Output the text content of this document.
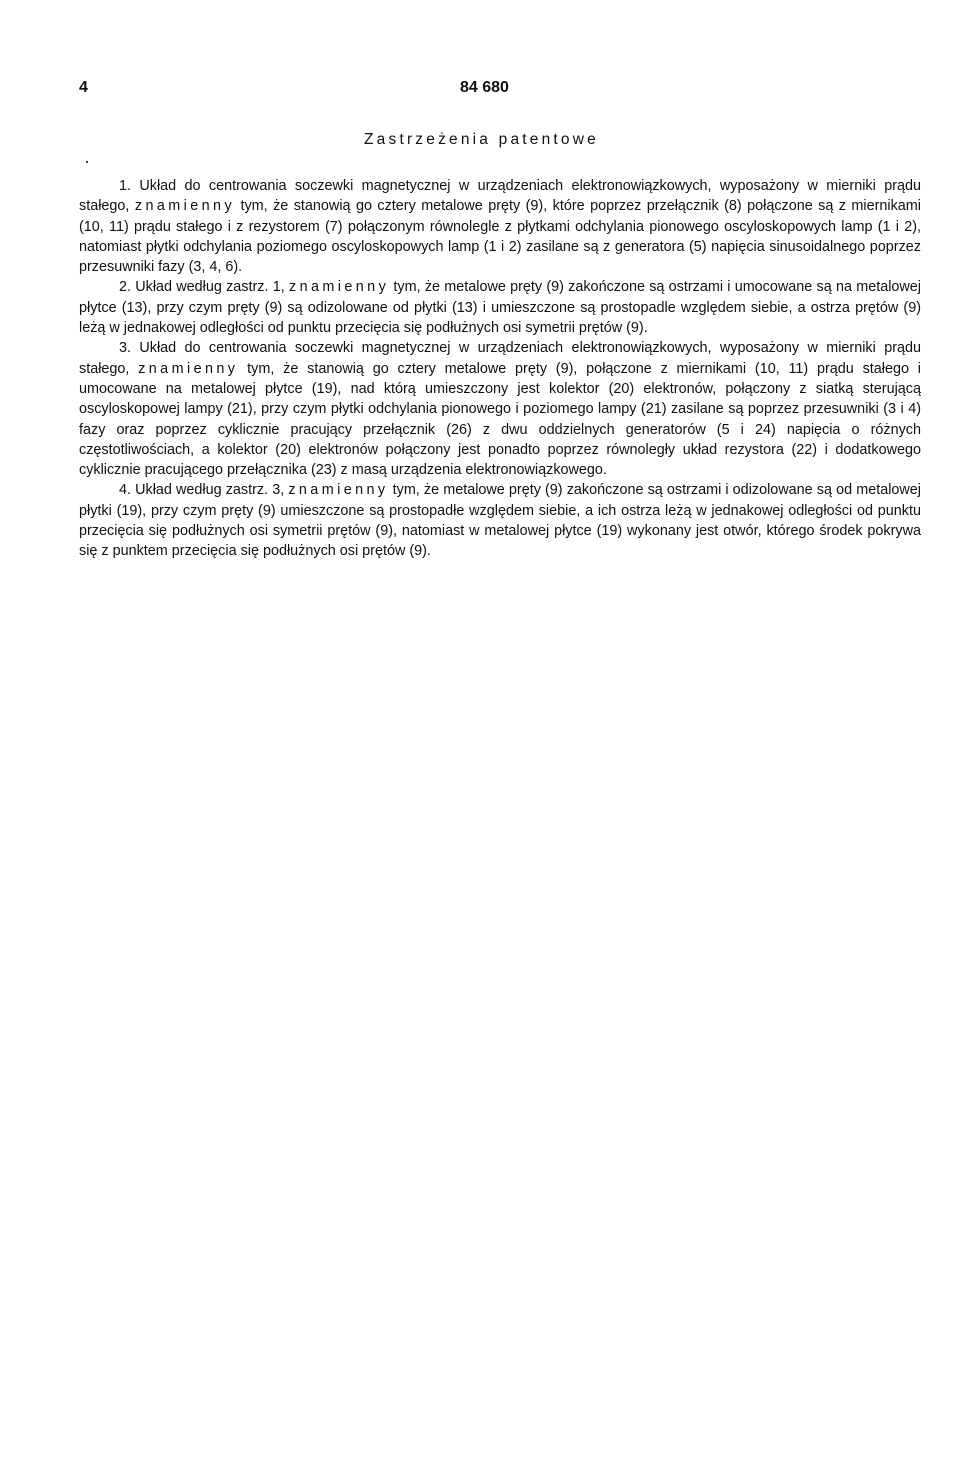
4	84 680
Zastrzeżenia patentowe

1. Układ do centrowania soczewki magnetycznej w urządzeniach elektronowiązkowych, wyposażony w mierniki prądu stałego, znamienny tym, że stanowią go cztery metalowe pręty (9), które poprzez przełącznik (8) połączone są z miernikami (10, 11) prądu stałego i z rezystorem (7) połączonym równolegle z płytkami odchylania pionowego oscyloskopowych lamp (1 i 2), natomiast płytki odchylania poziomego oscyloskopowych lamp (1 i 2) zasilane są z generatora (5) napięcia sinusoidalnego poprzez przesuwniki fazy (3, 4, 6).

2. Układ według zastrz. 1, znamienny tym, że metalowe pręty (9) zakończone są ostrzami i umocowane są na metalowej płytce (13), przy czym pręty (9) są odizolowane od płytki (13) i umieszczone są prostopadle względem siebie, a ostrza prętów (9) leżą w jednakowej odległości od punktu przecięcia się podłużnych osi symetrii prętów (9).

3. Układ do centrowania soczewki magnetycznej w urządzeniach elektronowiązkowych, wyposażony w mierniki prądu stałego, znamienny tym, że stanowią go cztery metalowe pręty (9), połączone z miernikami (10, 11) prądu stałego i umocowane na metalowej płytce (19), nad którą umieszczony jest kolektor (20) elektronów, połączony z siatką sterującą oscyloskopowej lampy (21), przy czym płytki odchylania pionowego i poziomego lampy (21) zasilane są poprzez przesuwniki (3 i 4) fazy oraz poprzez cyklicznie pracujący przełącznik (26) z dwu oddzielnych generatorów (5 i 24) napięcia o różnych częstotliwościach, a kolektor (20) elektronów połączony jest ponadto poprzez równoległy układ rezystora (22) i dodatkowego cyklicznie pracującego przełącznika (23) z masą urządzenia elektronowiązkowego.

4. Układ według zastrz. 3, znamienny tym, że metalowe pręty (9) zakończone są ostrzami i odizolowane są od metalowej płytki (19), przy czym pręty (9) umieszczone są prostopadłe względem siebie, a ich ostrza leżą w jednakowej odległości od punktu przecięcia się podłużnych osi symetrii prętów (9), natomiast w metalowej płytce (19) wykonany jest otwór, którego środek pokrywa się z punktem przecięcia się podłużnych osi prętów (9).
